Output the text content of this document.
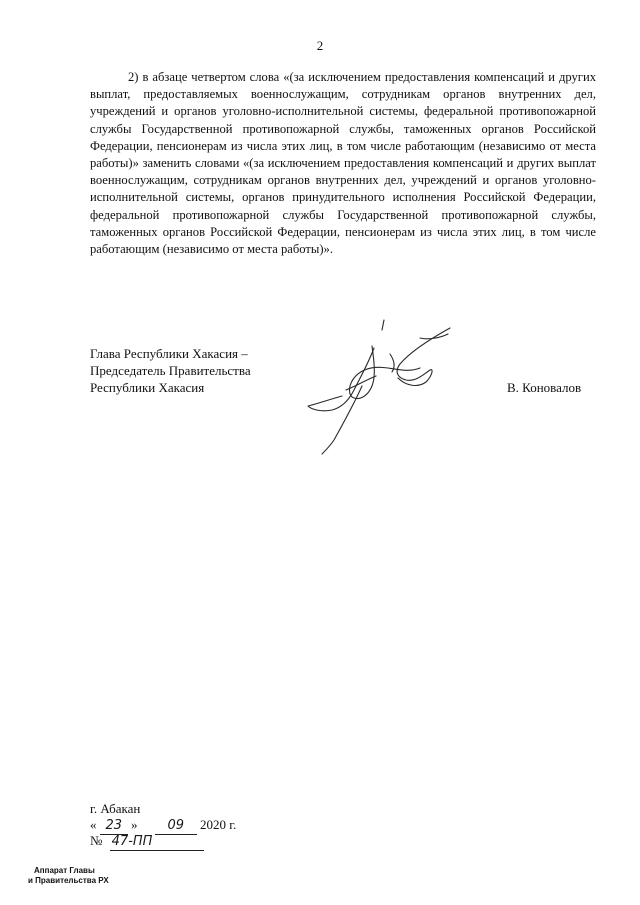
2

2) в абзаце четвертом слова «(за исключением предоставления компенсаций и других выплат, предоставляемых военнослужащим, сотрудникам органов внутренних дел, учреждений и органов уголовно-исполнительной системы, федеральной противопожарной службы Государственной противопожарной службы, таможенных органов Российской Федерации, пенсионерам из числа этих лиц, в том числе работающим (независимо от места работы)» заменить словами «(за исключением предоставления компенсаций и других выплат военнослужащим, сотрудникам органов внутренних дел, учреждений и органов уголовно-исполнительной системы, органов принудительного исполнения Российской Федерации, федеральной противопожарной службы Государственной противопожарной службы, таможенных органов Российской Федерации, пенсионерам из числа этих лиц, в том числе работающим (независимо от места работы)».

Глава Республики Хакасия –
Председатель Правительства
Республики Хакасия	В. Коновалов
г. Абакан
« 23 » 09 2020 г.
№ 47-ПП
Аппарат Главы
и Правительства РХ
